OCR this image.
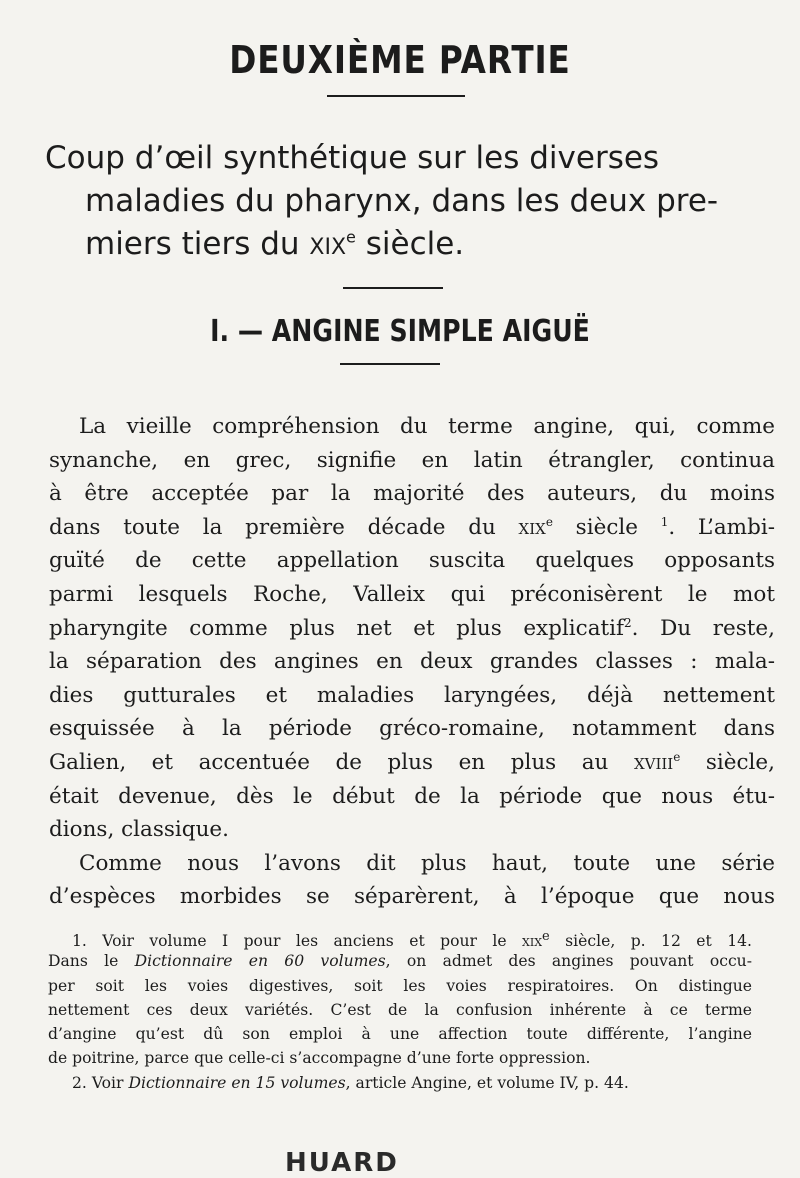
DEUXIÈME PARTIE
Coup d’œil synthétique sur les diverses
maladies du pharynx, dans les deux pre-
miers tiers du xix$^e$ siècle.
I. — ANGINE SIMPLE AIGUË
La vieille compréhension du terme angine, qui, comme
synanche, en grec, signifie en latin étrangler, continua
à être acceptée par la majorité des auteurs, du moins
dans toute la première décade du xix$^e$ siècle $^1$. L’ambi-
guïté de cette appellation suscita quelques opposants
parmi lesquels Roche, Valleix qui préconisèrent le mot
pharyngite comme plus net et plus explicatif$^2$. Du reste,
la séparation des angines en deux grandes classes : mala-
dies gutturales et maladies laryngées, déjà nettement
esquissée à la période gréco-romaine, notamment dans
Galien, et accentuée de plus en plus au xviii$^e$ siècle,
était devenue, dès le début de la période que nous étu-
dions, classique.
Comme nous l’avons dit plus haut, toute une série
d’espèces morbides se séparèrent, à l’époque que nous
1. Voir volume I pour les anciens et pour le xix$^e$ siècle, p. 12 et 14.
Dans le Dictionnaire en 60 volumes, on admet des angines pouvant occu-
per soit les voies digestives, soit les voies respiratoires. On distingue
nettement ces deux variétés. C’est de la confusion inhérente à ce terme
d’angine qu’est dû son emploi à une affection toute différente, l’angine
de poitrine, parce que celle-ci s’accompagne d’une forte oppression.
2. Voir Dictionnaire en 15 volumes, article Angine, et volume IV, p. 44.
HUARD
